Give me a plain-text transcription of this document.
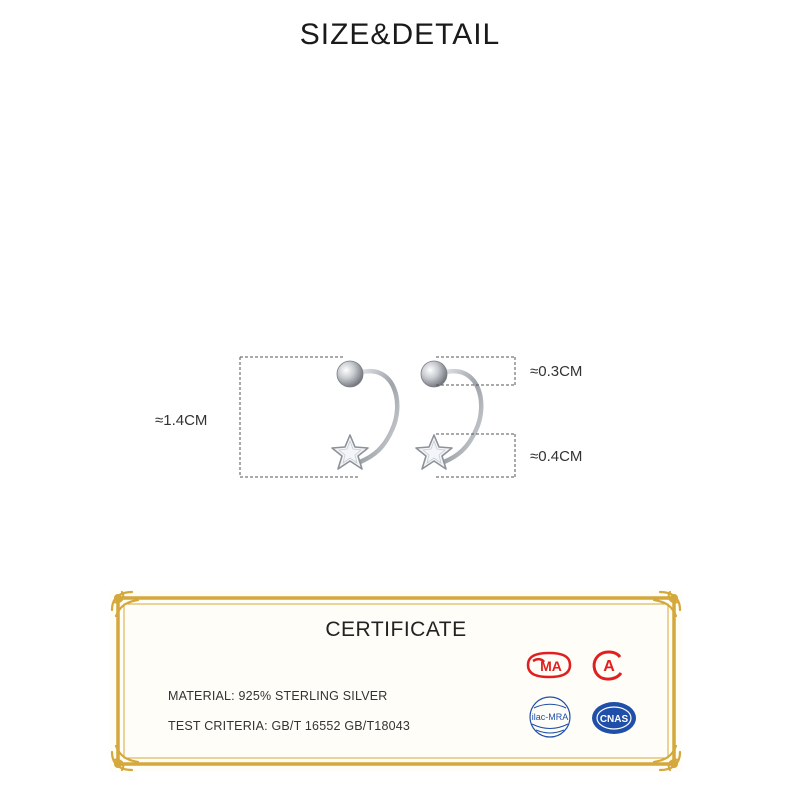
SIZE&DETAIL
≈1.4CM
≈0.3CM
≈0.4CM
CERTIFICATE
MATERIAL: 925% STERLING SILVER
TEST CRITERIA: GB/T 16552 GB/T18043
MA	A
ilac-MRA	CNAS
